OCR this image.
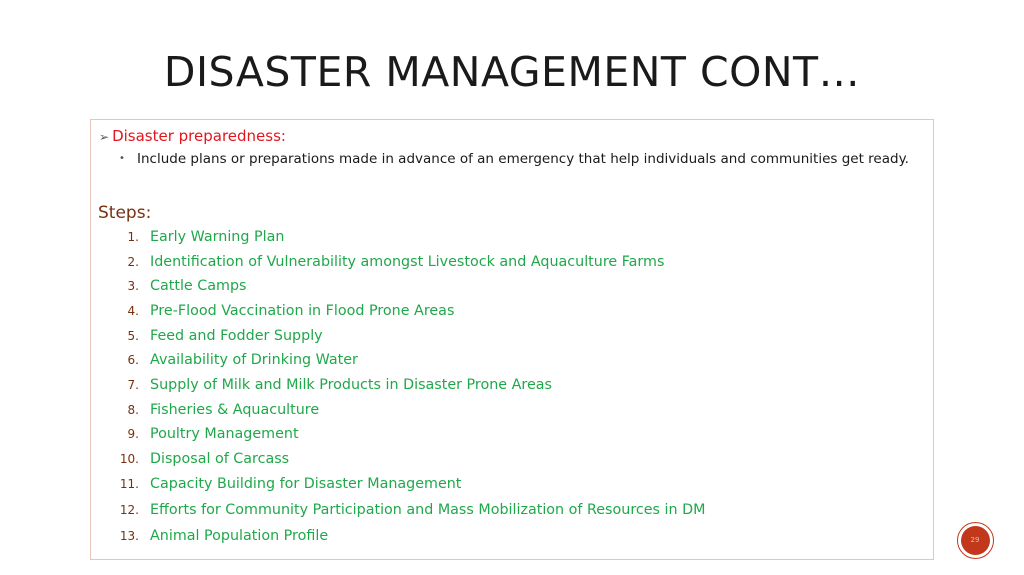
DISASTER MANAGEMENT CONT…
➢ Disaster preparedness:
• Include plans or preparations made in advance of an emergency that help individuals and communities get ready.
Steps:
1. Early Warning Plan
2. Identification of Vulnerability amongst Livestock and Aquaculture Farms
3. Cattle Camps
4. Pre-Flood Vaccination in Flood Prone Areas
5. Feed and Fodder Supply
6. Availability of Drinking Water
7. Supply of Milk and Milk Products in Disaster Prone Areas
8. Fisheries & Aquaculture
9. Poultry Management
10. Disposal of Carcass
11. Capacity Building for Disaster Management
12. Efforts for Community Participation and Mass Mobilization of Resources in DM
13. Animal Population Profile	29
